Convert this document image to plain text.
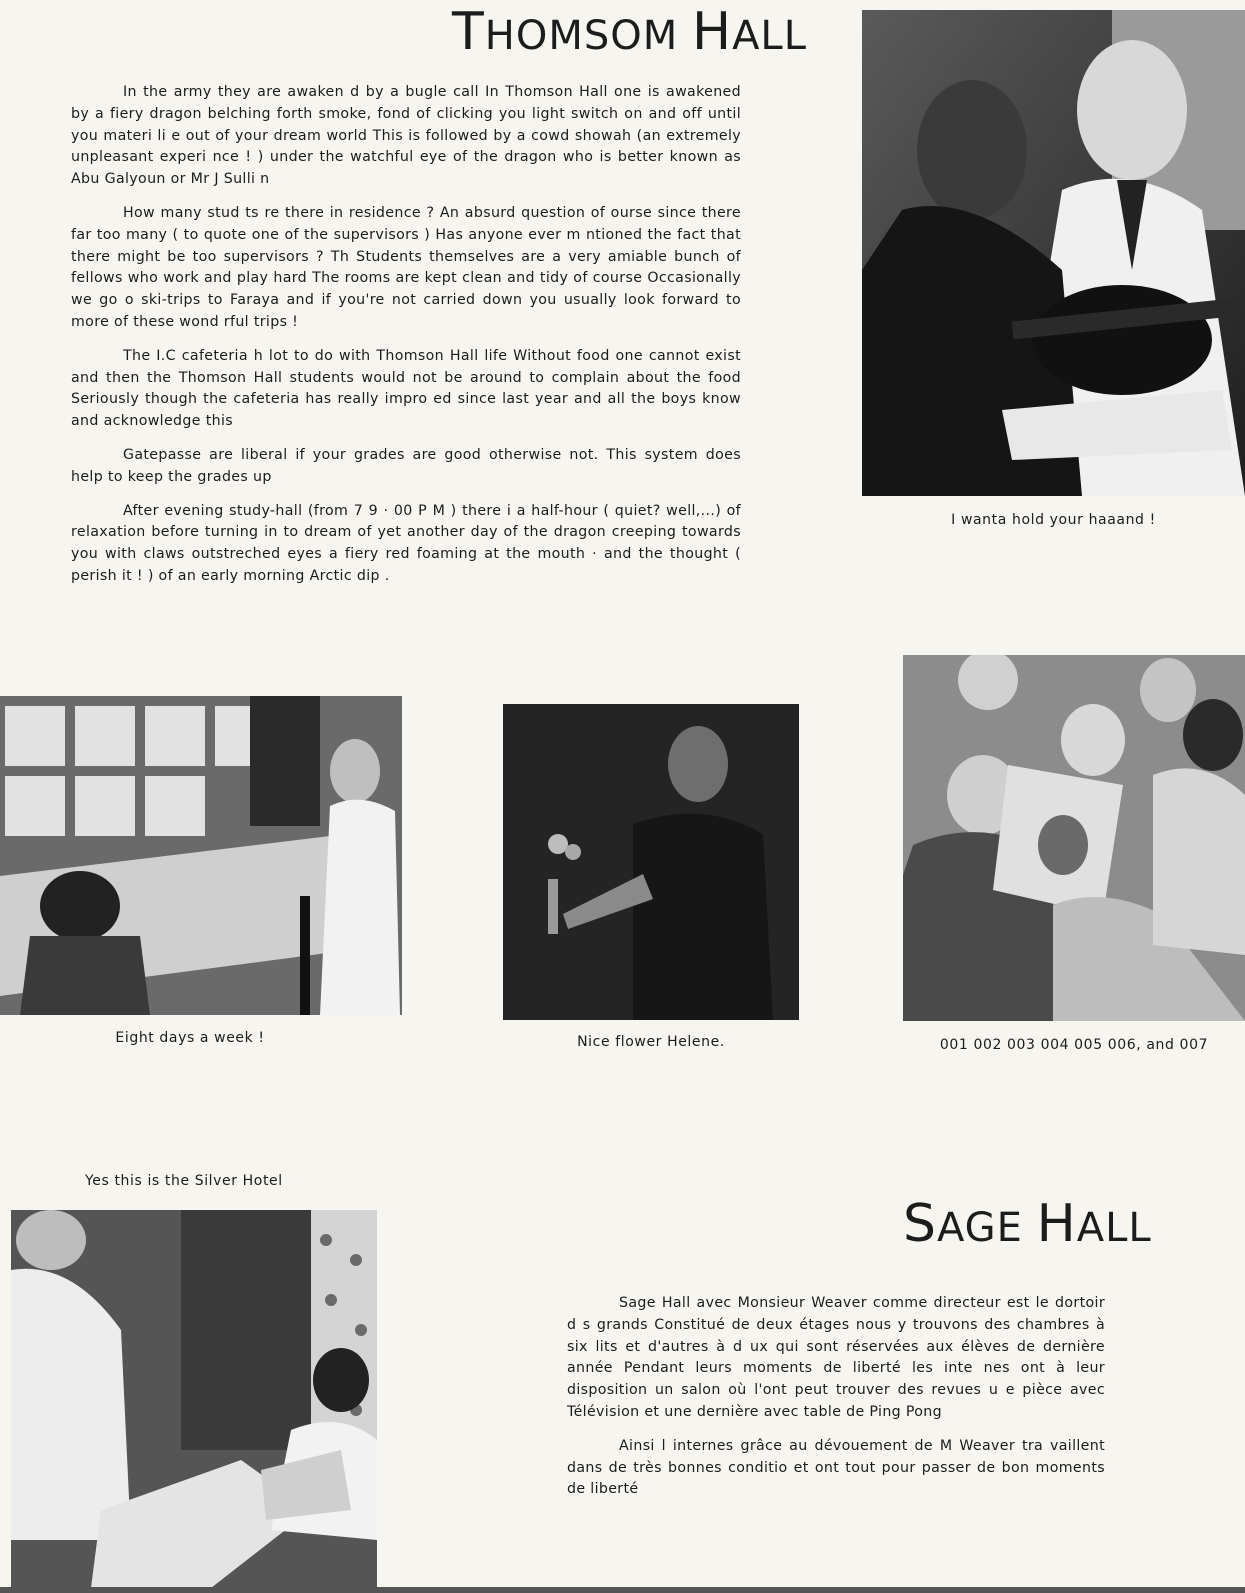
THOMSOM HALL

In the army they are awaken d by a bugle call In Thomson Hall one is awakened by a fiery dragon belching forth smoke, fond of clicking you light switch on and off until you materi li e out of your dream world This is followed by a cowd showah (an extremely unpleasant experi nce ! ) under the watchful eye of the dragon who is better known as Abu Galyoun or Mr J Sulli n

How many stud ts re there in residence ? An absurd question of ourse since there far too many ( to quote one of the supervisors ) Has anyone ever m ntioned the fact that there might be too supervisors ? Th Students themselves are a very amiable bunch of fellows who work and play hard The rooms are kept clean and tidy of course Occasionally we go o ski-trips to Faraya and if you're not carried down you usually look forward to more of these wond rful trips !

The I.C cafeteria h lot to do with Thomson Hall life Without food one cannot exist and then the Thomson Hall students would not be around to complain about the food Seriously though the cafeteria has really impro ed since last year and all the boys know and acknowledge this

Gatepasse are liberal if your grades are good otherwise not. This system does help to keep the grades up

After evening study-hall (from 7 9 · 00 P M ) there i a half-hour ( quiet? well,...) of relaxation before turning in to dream of yet another day of the dragon creeping towards you with claws outstreched eyes a fiery red foaming at the mouth · and the thought ( perish it ! ) of an early morning Arctic dip .

I wanta hold your haaand !
Eight days a week !	Nice flower Helene.	001 002 003 004 005 006, and 007
Yes this is the Silver Hotel
SAGE HALL

Sage Hall avec Monsieur Weaver comme directeur est le dortoir d s grands Constitué de deux étages nous y trouvons des chambres à six lits et d'autres à d ux qui sont réservées aux élèves de dernière année Pendant leurs moments de liberté les inte nes ont à leur disposition un salon où l'ont peut trouver des revues u e pièce avec Télévision et une dernière avec table de Ping Pong

Ainsi l internes grâce au dévouement de M Weaver tra vaillent dans de très bonnes conditio et ont tout pour passer de bon moments de liberté
